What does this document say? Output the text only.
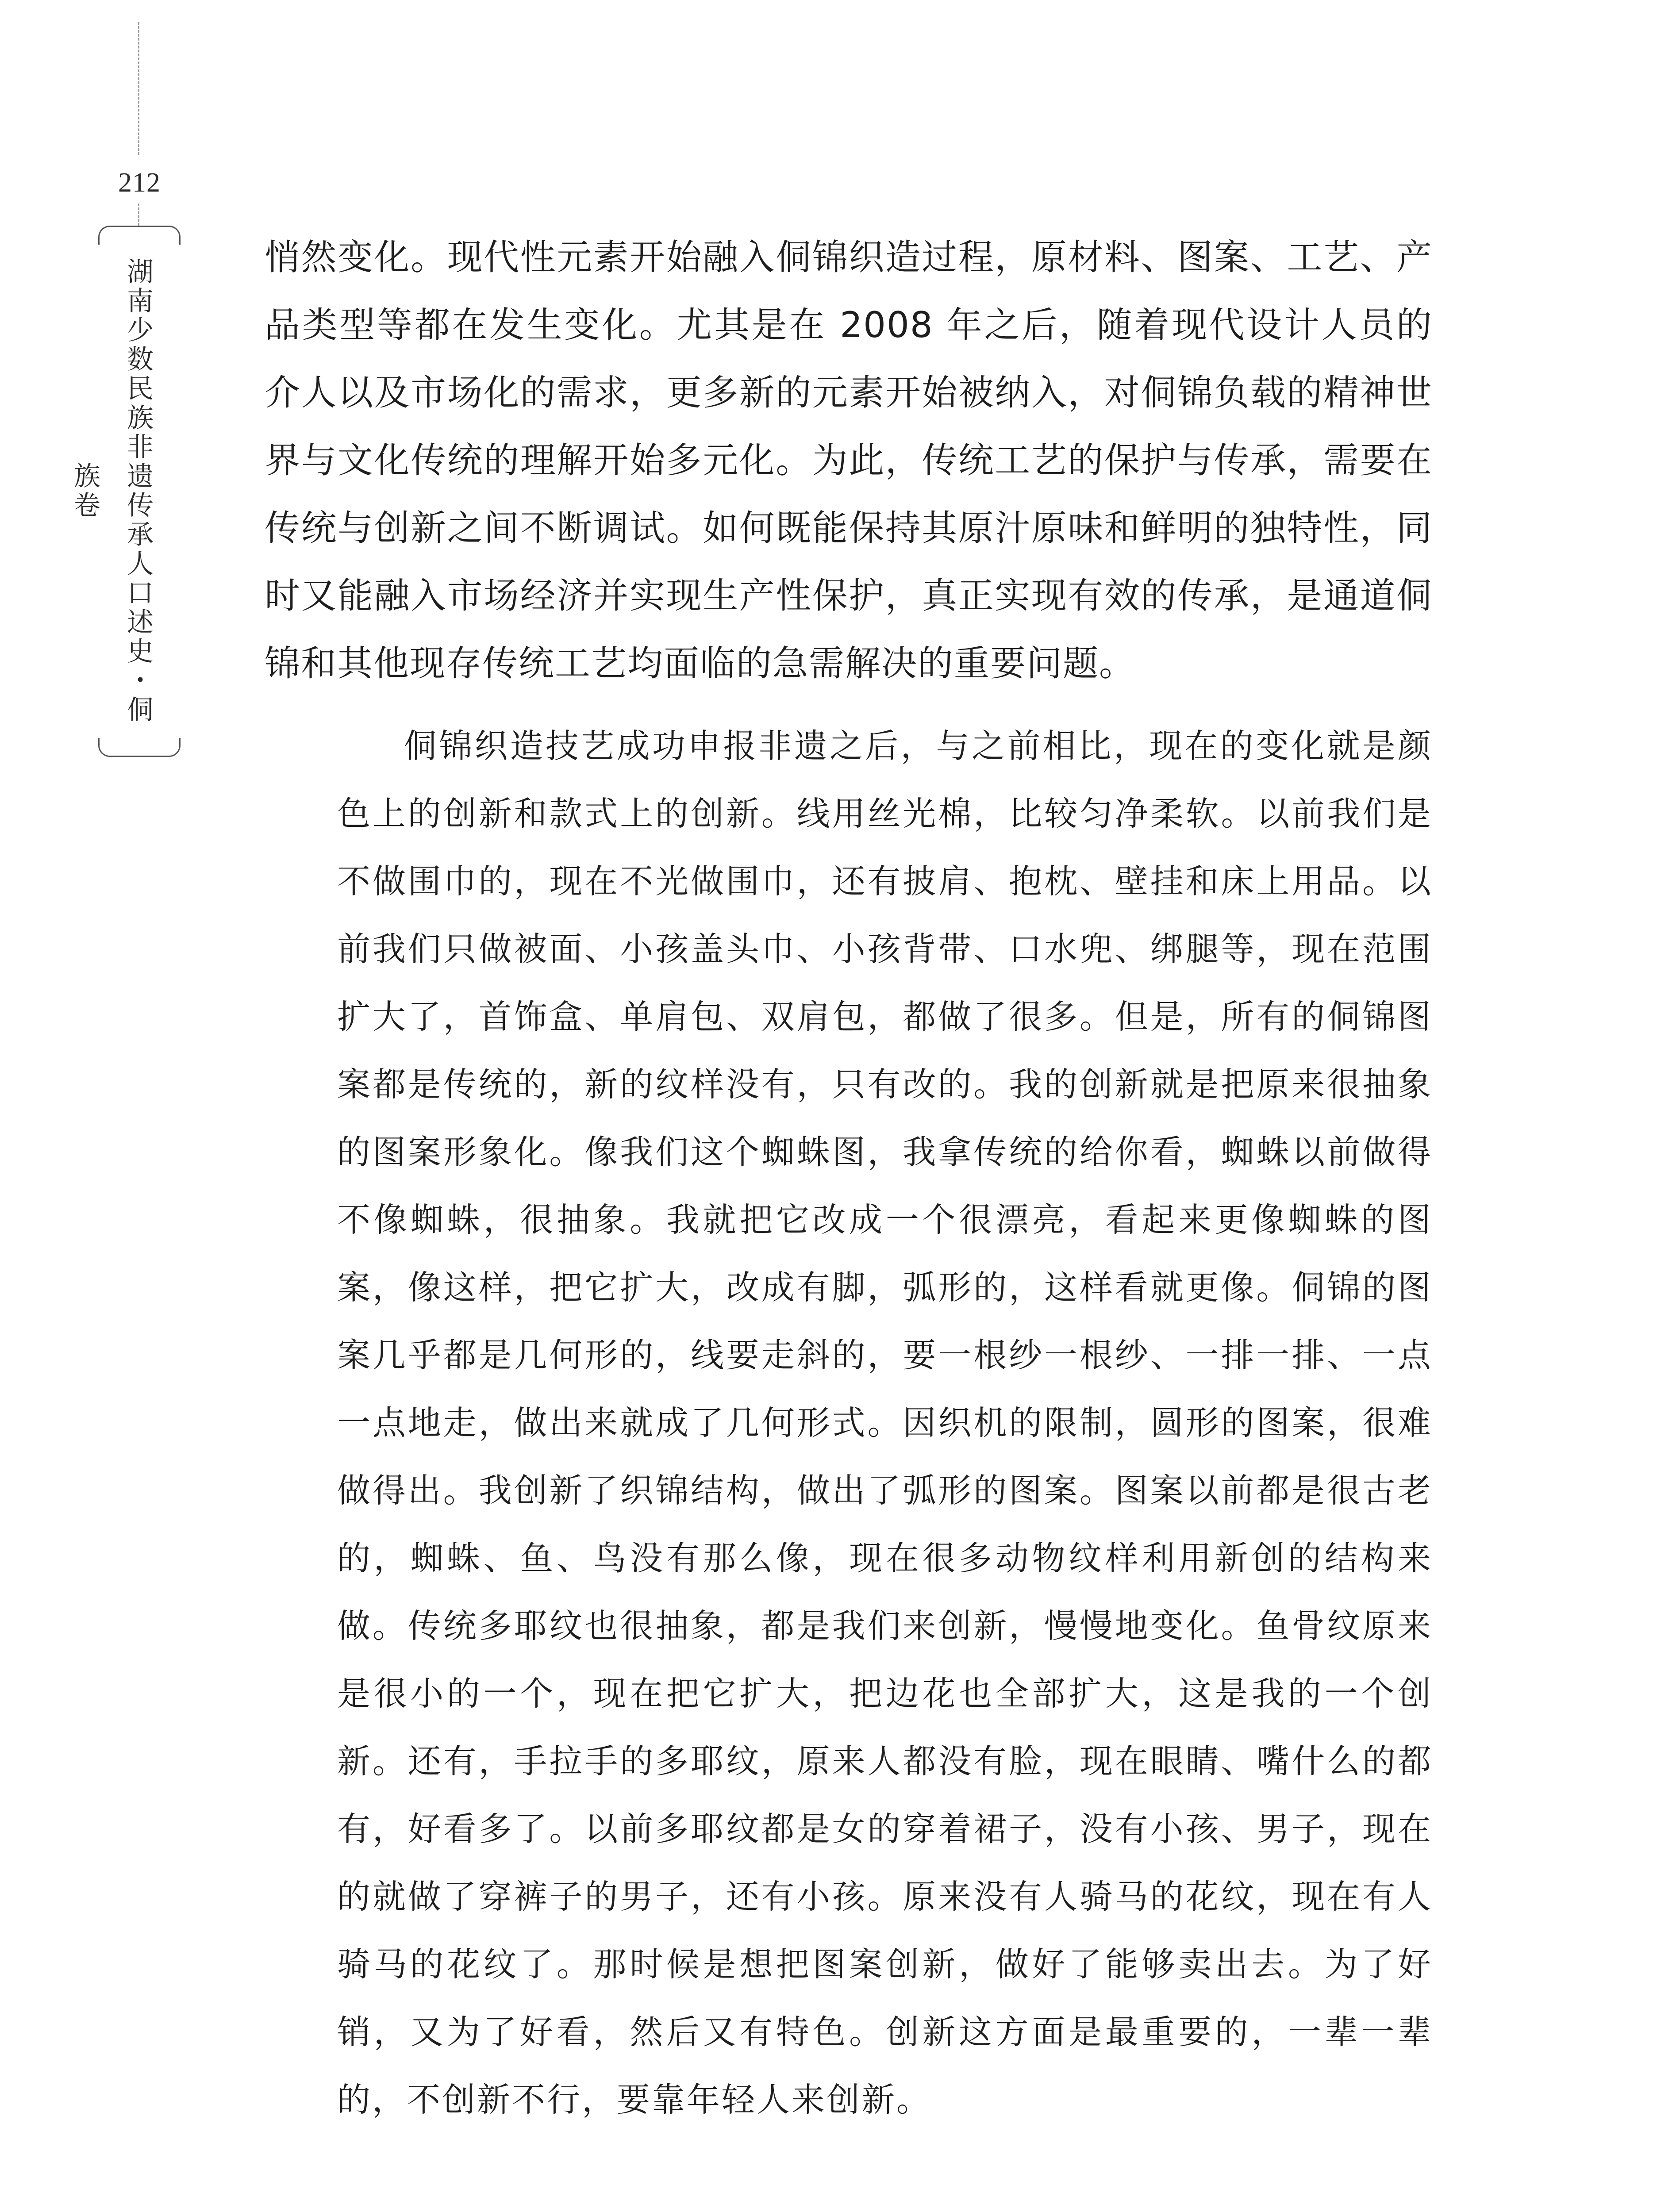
212
湖南少数民族非遗传承人口述史・侗族卷

悄然变化。现代性元素开始融入侗锦织造过程，原材料、图案、工艺、产品类型等都在发生变化。尤其是在 2008 年之后，随着现代设计人员的介人以及市场化的需求，更多新的元素开始被纳入，对侗锦负载的精神世界与文化传统的理解开始多元化。为此，传统工艺的保护与传承，需要在传统与创新之间不断调试。如何既能保持其原汁原味和鲜明的独特性，同时又能融入市场经济并实现生产性保护，真正实现有效的传承，是通道侗锦和其他现存传统工艺均面临的急需解决的重要问题。

侗锦织造技艺成功申报非遗之后，与之前相比，现在的变化就是颜色上的创新和款式上的创新。线用丝光棉，比较匀净柔软。以前我们是不做围巾的，现在不光做围巾，还有披肩、抱枕、壁挂和床上用品。以前我们只做被面、小孩盖头巾、小孩背带、口水兜、绑腿等，现在范围扩大了，首饰盒、单肩包、双肩包，都做了很多。但是，所有的侗锦图案都是传统的，新的纹样没有，只有改的。我的创新就是把原来很抽象的图案形象化。像我们这个蜘蛛图，我拿传统的给你看，蜘蛛以前做得不像蜘蛛，很抽象。我就把它改成一个很漂亮，看起来更像蜘蛛的图案，像这样，把它扩大，改成有脚，弧形的，这样看就更像。侗锦的图案几乎都是几何形的，线要走斜的，要一根纱一根纱、一排一排、一点一点地走，做出来就成了几何形式。因织机的限制，圆形的图案，很难做得出。我创新了织锦结构，做出了弧形的图案。图案以前都是很古老的，蜘蛛、鱼、鸟没有那么像，现在很多动物纹样利用新创的结构来做。传统多耶纹也很抽象，都是我们来创新，慢慢地变化。鱼骨纹原来是很小的一个，现在把它扩大，把边花也全部扩大，这是我的一个创新。还有，手拉手的多耶纹，原来人都没有脸，现在眼睛、嘴什么的都有，好看多了。以前多耶纹都是女的穿着裙子，没有小孩、男子，现在的就做了穿裤子的男子，还有小孩。原来没有人骑马的花纹，现在有人骑马的花纹了。那时候是想把图案创新，做好了能够卖出去。为了好销，又为了好看，然后又有特色。创新这方面是最重要的，一辈一辈的，不创新不行，要靠年轻人来创新。
